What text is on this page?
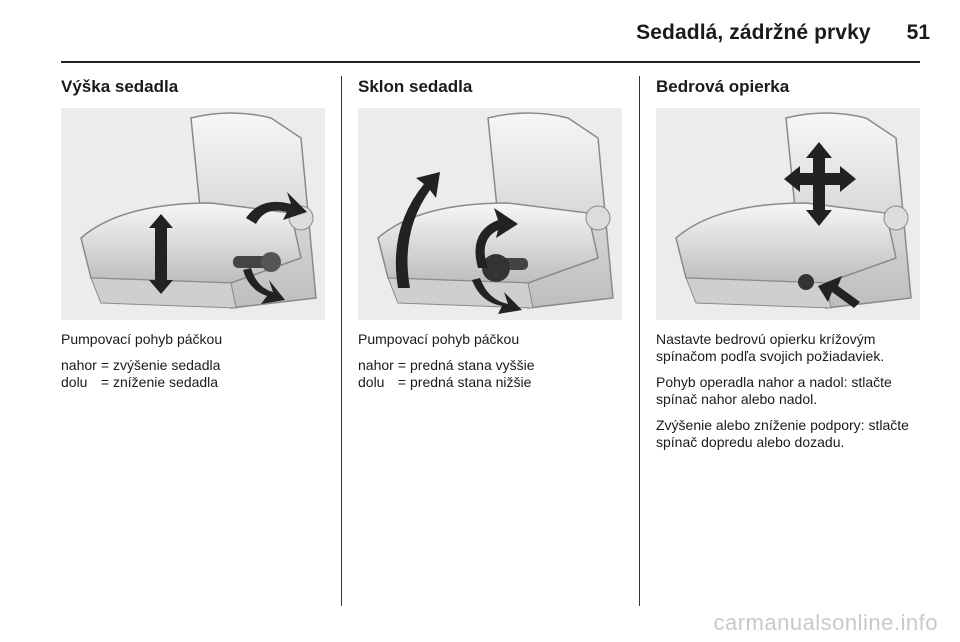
Sedadlá, zádržné prvky 51
Výška sedadla

Pumpovací pohyb páčkou

nahor = zvýšenie sedadla
dolu = zníženie sedadla
Sklon sedadla

Pumpovací pohyb páčkou

nahor = predná stana vyššie
dolu = predná stana nižšie
Bedrová opierka

Nastavte bedrovú opierku krížovým spínačom podľa svojich požiadaviek.

Pohyb operadla nahor a nadol: stlačte spínač nahor alebo nadol.

Zvýšenie alebo zníženie podpory: stlačte spínač dopredu alebo dozadu.

carmanualsonline.info
